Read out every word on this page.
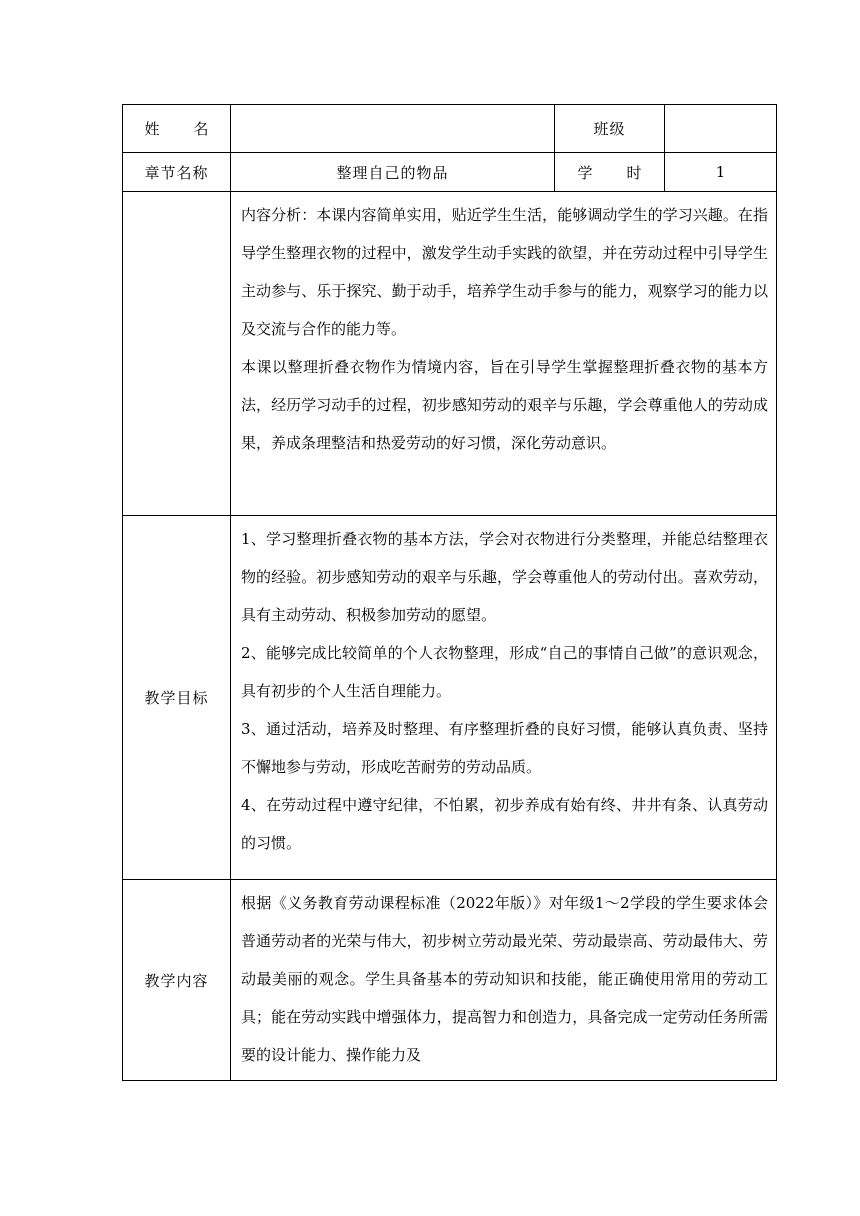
姓 名		班级	
章节名称	整理自己的物品	学 时	1

	内容分析：本课内容简单实用，贴近学生生活，能够调动学生的学习兴趣。在指导学生整理衣物的过程中，激发学生动手实践的欲望，并在劳动过程中引导学生主动参与、乐于探究、勤于动手，培养学生动手参与的能力，观察学习的能力以及交流与合作的能力等。

本课以整理折叠衣物作为情境内容，旨在引导学生掌握整理折叠衣物的基本方法，经历学习动手的过程，初步感知劳动的艰辛与乐趣，学会尊重他人的劳动成果，养成条理整洁和热爱劳动的好习惯，深化劳动意识。		

教学目标	1、学习整理折叠衣物的基本方法，学会对衣物进行分类整理，并能总结整理衣物的经验。初步感知劳动的艰辛与乐趣，学会尊重他人的劳动付出。喜欢劳动，具有主动劳动、积极参加劳动的愿望。

2、能够完成比较简单的个人衣物整理，形成“自己的事情自己做”的意识观念，具有初步的个人生活自理能力。

3、通过活动，培养及时整理、有序整理折叠的良好习惯，能够认真负责、坚持不懈地参与劳动，形成吃苦耐劳的劳动品质。

4、在劳动过程中遵守纪律，不怕累，初步养成有始有终、井井有条、认真劳动的习惯。		

教学内容	根据《义务教育劳动课程标准（2022年版）》对年级1～2学段的学生要求体会普通劳动者的光荣与伟大，初步树立劳动最光荣、劳动最崇高、劳动最伟大、劳动最美丽的观念。学生具备基本的劳动知识和技能，能正确使用常用的劳动工具；能在劳动实践中增强体力，提高智力和创造力，具备完成一定劳动任务所需要的设计能力、操作能力及		
